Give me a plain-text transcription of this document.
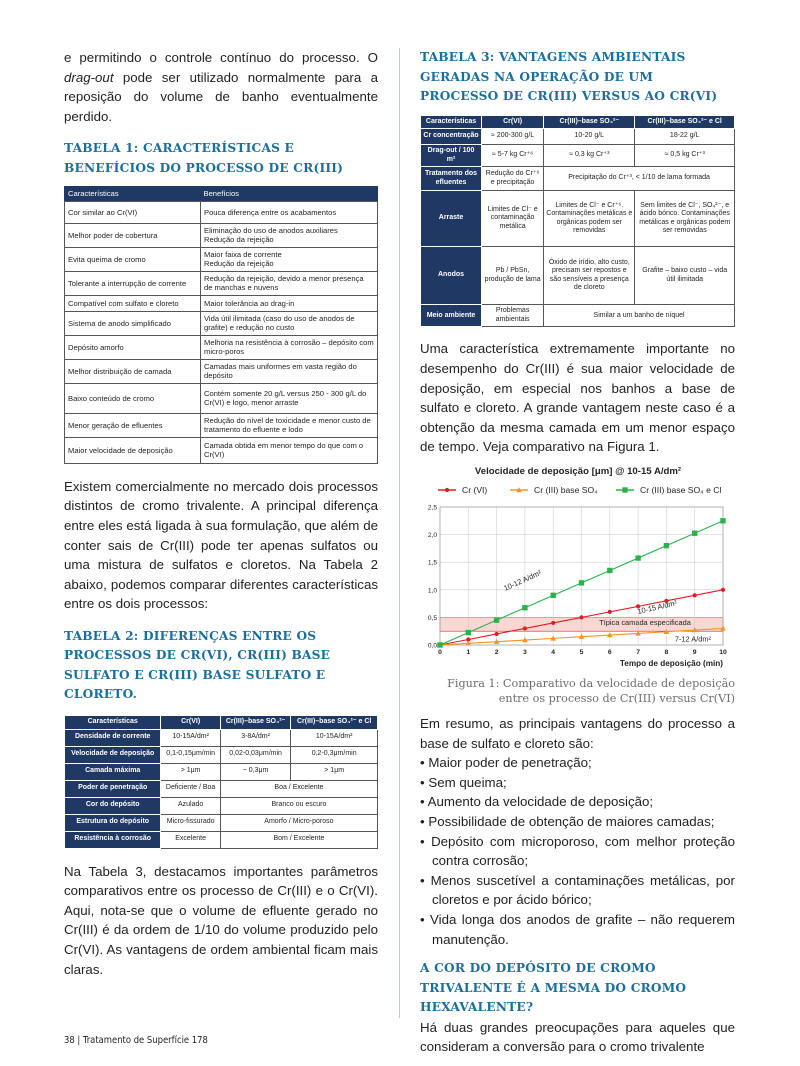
e permitindo o controle contínuo do processo. O drag-out pode ser utilizado normalmente para a reposição do volume de banho eventualmente perdido.

TABELA 1: CARACTERÍSTICAS E BENEFÍCIOS DO PROCESSO DE CR(III)
Características	Benefícios
Cor similar ao Cr(VI)	Pouca diferença entre os acabamentos
Melhor poder de cobertura	Eliminação do uso de anodos auxiliares
Redução da rejeição
Evita queima de cromo	Maior faixa de corrente
Redução da rejeição
Tolerante a interrupção de corrente	Redução da rejeição, devido a menor presença de manchas e nuvens
Compatível com sulfato e cloreto	Maior tolerância ao drag-in
Sistema de anodo simplificado	Vida útil ilimitada (caso do uso de anodos de grafite) e redução no custo
Depósito amorfo	Melhoria na resistência à corrosão – depósito com micro-poros
Melhor distribuição de camada	Camadas mais uniformes em vasta região do depósito
Baixo conteúdo de cromo	Contém somente 20 g/L versus 250 - 300 g/L do Cr(VI) e logo, menor arraste
Menor geração de efluentes	Redução do nível de toxicidade e menor custo de tratamento do efluente e lodo
Maior velocidade de deposição	Camada obtida em menor tempo do que com o Cr(VI)

Existem comercialmente no mercado dois processos distintos de cromo trivalente. A principal diferença entre eles está ligada à sua formulação, que além de conter sais de Cr(III) pode ter apenas sulfatos ou uma mistura de sulfatos e cloretos. Na Tabela 2 abaixo, podemos comparar diferentes características entre os dois processos:

TABELA 2: DIFERENÇAS ENTRE OS PROCESSOS DE CR(VI), CR(III) BASE SULFATO E CR(III) BASE SULFATO E CLORETO.
Características	Cr(VI)	Cr(III)–base SO₄²⁻	Cr(III)–base SO₄²⁻ e Cl
Densidade de corrente	10-15A/dm²	3-8A/dm²	10-15A/dm²
Velocidade de deposição	0,1-0,15μm/min	0,02-0,03μm/min	0,2-0,3μm/min
Camada máxima	> 1μm	~ 0,3μm	> 1μm
Poder de penetração	Deficiente / Boa	Boa / Excelente	
Cor do depósito	Azulado	Branco ou escuro	
Estrutura do depósito	Micro-fissurado	Amorfo / Micro-poroso	
Resistência à corrosão	Excelente	Bom / Excelente	

Na Tabela 3, destacamos importantes parâmetros comparativos entre os processo de Cr(III) e o Cr(VI). Aqui, nota-se que o volume de efluente gerado no Cr(III) é da ordem de 1/10 do volume produzido pelo Cr(VI). As vantagens de ordem ambiental ficam mais claras.

TABELA 3: VANTAGENS AMBIENTAIS GERADAS NA OPERAÇÃO DE UM PROCESSO DE CR(III) VERSUS AO CR(VI)
Características	Cr(VI)	Cr(III)–base SO₄²⁻	Cr(III)–base SO₄²⁻ e Cl
Cr concentração	≈ 200-300 g/L	10-20 g/L	18-22 g/L
Drag-out / 100 m²	≈ 5-7 kg Cr⁺⁶	≈ 0,3 kg Cr⁺³	≈ 0,5 kg Cr⁺³
Tratamento dos efluentes	Redução do Cr⁺⁶ e precipitação	Precipitação do Cr⁺³, < 1/10 de lama formada	
Arraste	Limites de Cl⁻ e contaminação metálica	Limites de Cl⁻ e Cr⁺⁶. Contaminações metálicas e orgânicas podem ser removidas	Sem limites de Cl⁻, SO₄²⁻, e ácido bórico. Contaminações metálicas e orgânicas podem ser removidas
Anodos	Pb / PbSn, produção de lama	Óxido de irídio, alto custo, precisam ser repostos e são sensíveis a presença de cloreto	Grafite – baixo custo – vida útil ilimitada
Meio ambiente	Problemas ambientais	Similar a um banho de níquel	

Uma característica extremamente importante no desempenho do Cr(III) é sua maior velocidade de deposição, em especial nos banhos a base de sulfato e cloreto. A grande vantagem neste caso é a obtenção da mesma camada em um menor espaço de tempo. Veja comparativo na Figura 1.

Velocidade de deposição [μm] @ 10-15 A/dm²
Cr (VI)	Cr (III) base SO₄	Cr (III) base SO₄ e Cl
Típica camada especificada
0	1	2	3	4	5	6	7	8	9	10
0,0
0,5
1,0
1,5
2,0
2,5
Tempo de deposição (min)
10-12 A/dm²
10-15 A/dm²
7-12 A/dm²

Figura 1: Comparativo da velocidade de deposição entre os processo de Cr(III) versus Cr(VI)

Em resumo, as principais vantagens do processo a base de sulfato e cloreto são:

• Maior poder de penetração;
• Sem queima;
• Aumento da velocidade de deposição;
• Possibilidade de obtenção de maiores camadas;
• Depósito com microporoso, com melhor proteção contra corrosão;
• Menos suscetível a contaminações metálicas, por cloretos e por ácido bórico;
• Vida longa dos anodos de grafite – não requerem manutenção.
A COR DO DEPÓSITO DE CROMO TRIVALENTE É A MESMA DO CROMO HEXAVALENTE?

Há duas grandes preocupações para aqueles que consideram a conversão para o cromo trivalente

38 | Tratamento de Superfície 178
